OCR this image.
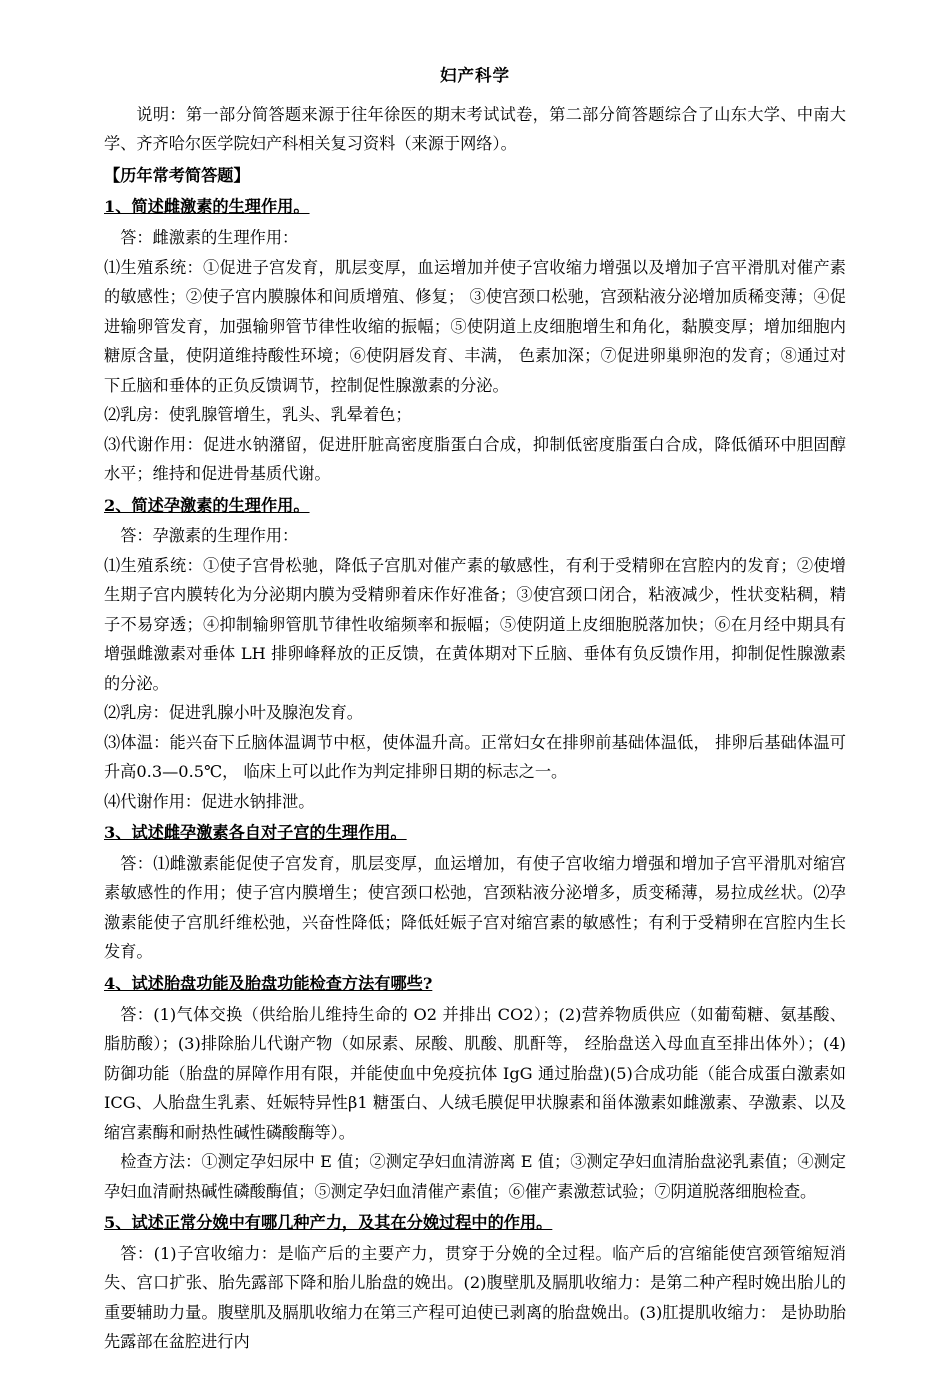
妇产科学

说明：第一部分简答题来源于往年徐医的期末考试试卷，第二部分简答题综合了山东大学、中南大学、齐齐哈尔医学院妇产科相关复习资料（来源于网络）。

【历年常考简答题】

1、简述雌激素的生理作用。

答：雌激素的生理作用：

⑴生殖系统：①促进子宫发育，肌层变厚，血运增加并使子宫收缩力增强以及增加子宫平滑肌对催产素的敏感性；②使子宫内膜腺体和间质增殖、修复； ③使宫颈口松驰，宫颈粘液分泌增加质稀变薄；④促进输卵管发育，加强输卵管节律性收缩的振幅；⑤使阴道上皮细胞增生和角化，黏膜变厚；增加细胞内糖原含量，使阴道维持酸性环境；⑥使阴唇发育、丰满， 色素加深；⑦促进卵巢卵泡的发育；⑧通过对下丘脑和垂体的正负反馈调节，控制促性腺激素的分泌。

⑵乳房：使乳腺管增生，乳头、乳晕着色；

⑶代谢作用：促进水钠潴留，促进肝脏高密度脂蛋白合成，抑制低密度脂蛋白合成，降低循环中胆固醇水平；维持和促进骨基质代谢。

2、简述孕激素的生理作用。

答：孕激素的生理作用：

⑴生殖系统：①使子宫骨松驰，降低子宫肌对催产素的敏感性，有利于受精卵在宫腔内的发育；②使增生期子宫内膜转化为分泌期内膜为受精卵着床作好准备；③使宫颈口闭合，粘液减少，性状变粘稠，精子不易穿透；④抑制输卵管肌节律性收缩频率和振幅；⑤使阴道上皮细胞脱落加快；⑥在月经中期具有增强雌激素对垂体 LH 排卵峰释放的正反馈，在黄体期对下丘脑、垂体有负反馈作用，抑制促性腺激素的分泌。

⑵乳房：促进乳腺小叶及腺泡发育。

⑶体温：能兴奋下丘脑体温调节中枢，使体温升高。正常妇女在排卵前基础体温低， 排卵后基础体温可升高0.3—0.5℃， 临床上可以此作为判定排卵日期的标志之一。

⑷代谢作用：促进水钠排泄。

3、试述雌孕激素各自对子宫的生理作用。

答：⑴雌激素能促使子宫发育，肌层变厚，血运增加，有使子宫收缩力增强和增加子宫平滑肌对缩宫素敏感性的作用；使子宫内膜增生；使宫颈口松弛，宫颈粘液分泌增多，质变稀薄，易拉成丝状。⑵孕激素能使子宫肌纤维松弛，兴奋性降低；降低妊娠子宫对缩宫素的敏感性；有利于受精卵在宫腔内生长发育。

4、试述胎盘功能及胎盘功能检查方法有哪些?

答：(1)气体交换（供给胎儿维持生命的 O2 并排出 CO2）；(2)营养物质供应（如葡萄糖、氨基酸、脂肪酸）；(3)排除胎儿代谢产物（如尿素、尿酸、肌酸、肌酐等， 经胎盘送入母血直至排出体外）；(4)防御功能（胎盘的屏障作用有限，并能使血中免疫抗体 IgG 通过胎盘)(5)合成功能（能合成蛋白激素如 ICG、人胎盘生乳素、妊娠特异性β1 糖蛋白、人绒毛膜促甲状腺素和甾体激素如雌激素、孕激素、以及缩宫素酶和耐热性碱性磷酸酶等）。

检查方法：①测定孕妇尿中 E 值；②测定孕妇血清游离 E 值；③测定孕妇血清胎盘泌乳素值；④测定孕妇血清耐热碱性磷酸酶值；⑤测定孕妇血清催产素值；⑥催产素激惹试验；⑦阴道脱落细胞检查。

5、试述正常分娩中有哪几种产力，及其在分娩过程中的作用。

答：(1)子宫收缩力：是临产后的主要产力，贯穿于分娩的全过程。临产后的宫缩能使宫颈管缩短消失、宫口扩张、胎先露部下降和胎儿胎盘的娩出。(2)腹壁肌及膈肌收缩力：是第二种产程时娩出胎儿的重要辅助力量。腹壁肌及膈肌收缩力在第三产程可迫使已剥离的胎盘娩出。(3)肛提肌收缩力： 是协助胎先露部在盆腔进行内
